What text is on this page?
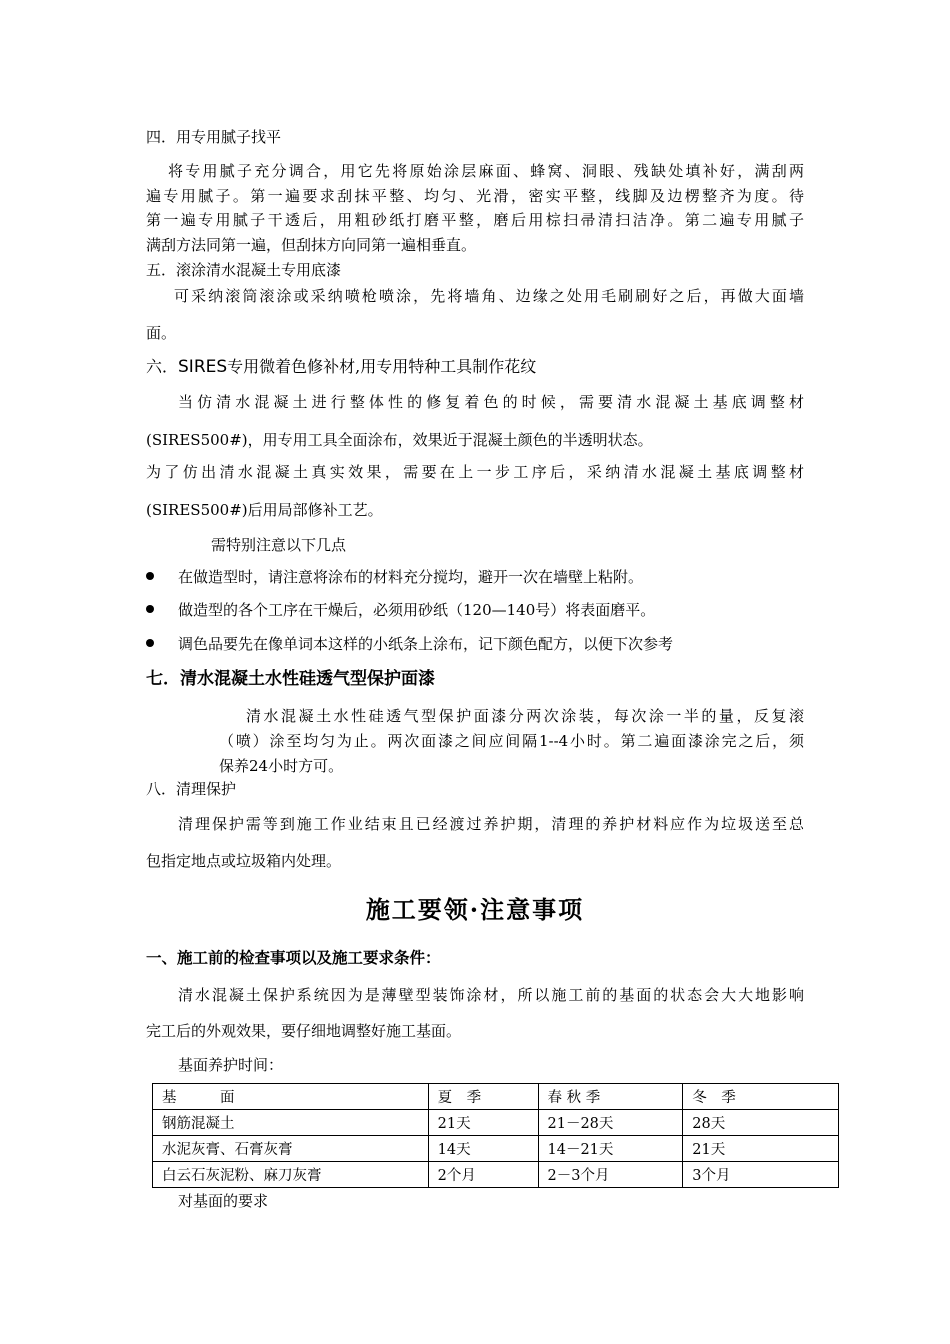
四．用专用腻子找平
将专用腻子充分调合，用它先将原始涂层麻面、蜂窝、洞眼、残缺处填补好，满刮两
遍专用腻子。第一遍要求刮抹平整、均匀、光滑，密实平整，线脚及边楞整齐为度。待
第一遍专用腻子干透后，用粗砂纸打磨平整，磨后用棕扫帚清扫洁净。第二遍专用腻子
满刮方法同第一遍，但刮抹方向同第一遍相垂直。
五．滚涂清水混凝土专用底漆
可采纳滚筒滚涂或采纳喷枪喷涂，先将墙角、边缘之处用毛刷刷好之后，再做大面墙
面。
六．SIRES专用微着色修补材,用专用特种工具制作花纹
当仿清水混凝土进行整体性的修复着色的时候，需要清水混凝土基底调整材
(SIRES500#)，用专用工具全面涂布，效果近于混凝土颜色的半透明状态。
为了仿出清水混凝土真实效果，需要在上一步工序后，采纳清水混凝土基底调整材
(SIRES500#)后用局部修补工艺。
需特别注意以下几点
在做造型时，请注意将涂布的材料充分搅均，避开一次在墙壁上粘附。
做造型的各个工序在干燥后，必须用砂纸（120—140号）将表面磨平。
调色品要先在像单词本这样的小纸条上涂布，记下颜色配方，以便下次参考
七．清水混凝土水性硅透气型保护面漆
清水混凝土水性硅透气型保护面漆分两次涂装，每次涂一半的量，反复滚
（喷）涂至均匀为止。两次面漆之间应间隔1--4小时。第二遍面漆涂完之后，须
保养24小时方可。
八．清理保护
清理保护需等到施工作业结束且已经渡过养护期，清理的养护材料应作为垃圾送至总
包指定地点或垃圾箱内处理。
施工要领·注意事项
一、施工前的检查事项以及施工要求条件：
清水混凝土保护系统因为是薄壁型装饰涂材，所以施工前的基面的状态会大大地影响
完工后的外观效果，要仔细地调整好施工基面。
基面养护时间：
基　　　面	夏　季	春 秋 季	冬　季
钢筋混凝土	21天	21－28天	28天
水泥灰膏、石膏灰膏	14天	14－21天	21天
白云石灰泥粉、麻刀灰膏	2个月	2－3个月	3个月
对基面的要求
